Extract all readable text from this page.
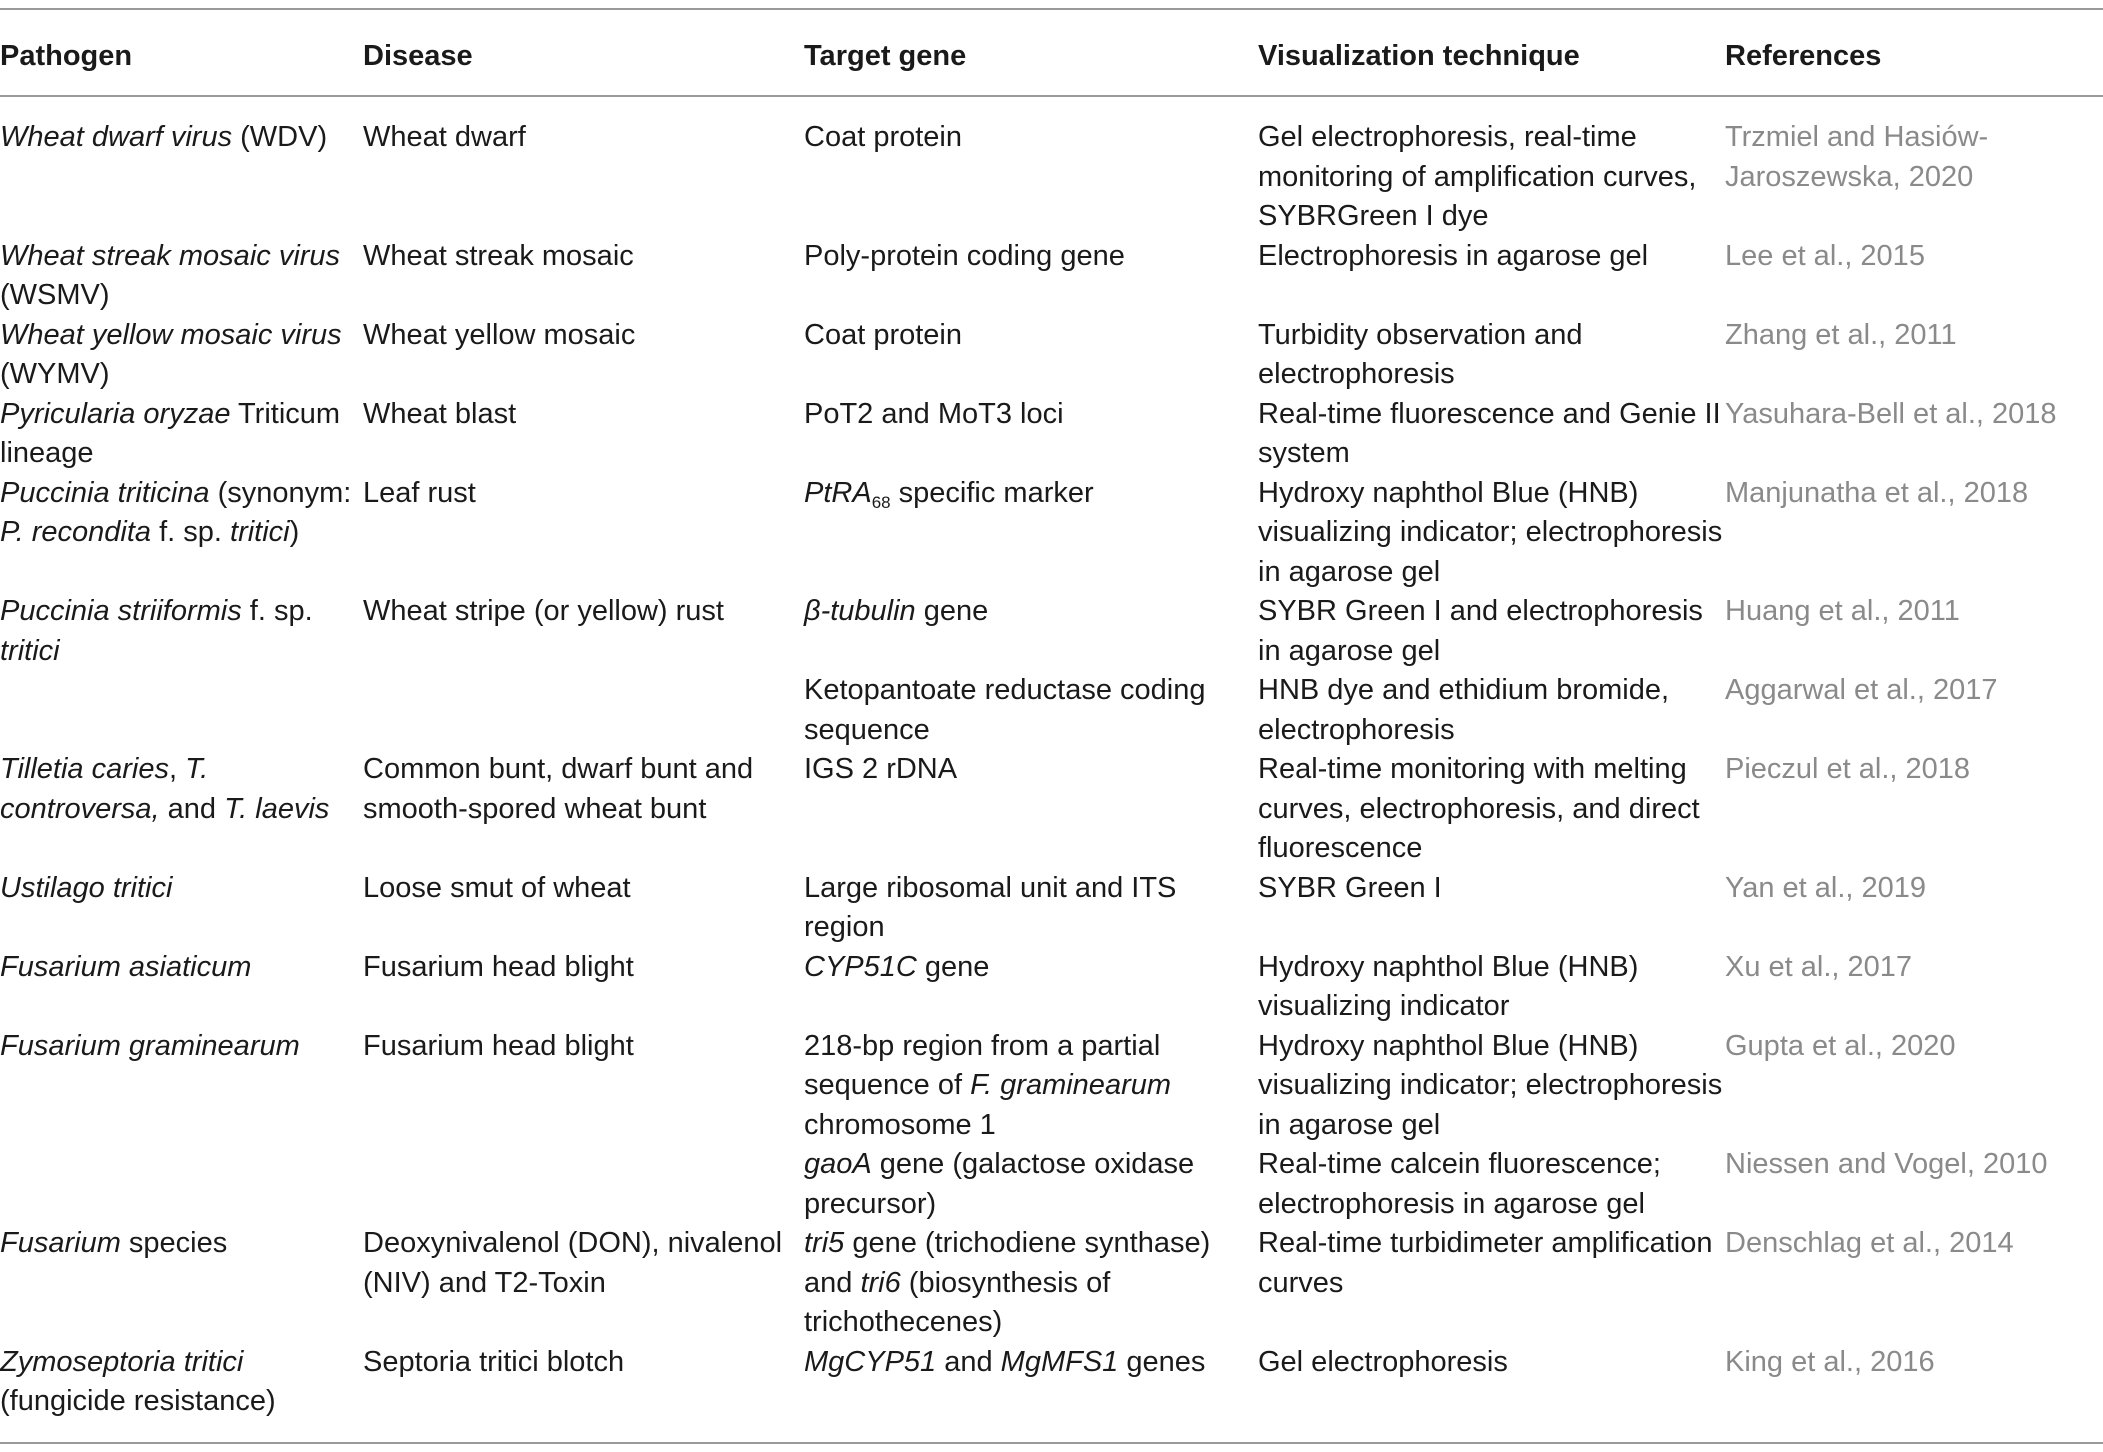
Pathogen	Disease	Target gene	Visualization technique	References
Wheat dwarf virus (WDV)	Wheat dwarf	Coat protein	Gel electrophoresis, real-time monitoring of amplification curves, SYBRGreen I dye	Trzmiel and Hasiów-Jaroszewska, 2020
Wheat streak mosaic virus (WSMV)	Wheat streak mosaic	Poly-protein coding gene	Electrophoresis in agarose gel	Lee et al., 2015
Wheat yellow mosaic virus (WYMV)	Wheat yellow mosaic	Coat protein	Turbidity observation and electrophoresis	Zhang et al., 2011
Pyricularia oryzae Triticum lineage	Wheat blast	PoT2 and MoT3 loci	Real-time fluorescence and Genie II system	Yasuhara-Bell et al., 2018
Puccinia triticina (synonym: P. recondita f. sp. tritici)	Leaf rust	PtRA$_{68}$ specific marker	Hydroxy naphthol Blue (HNB) visualizing indicator; electrophoresis in agarose gel	Manjunatha et al., 2018
Puccinia striiformis f. sp. tritici	Wheat stripe (or yellow) rust	β-tubulin gene	SYBR Green I and electrophoresis in agarose gel	Huang et al., 2011
		Ketopantoate reductase coding sequence	HNB dye and ethidium bromide, electrophoresis	Aggarwal et al., 2017
Tilletia caries, T. controversa, and T. laevis	Common bunt, dwarf bunt and smooth-spored wheat bunt	IGS 2 rDNA	Real-time monitoring with melting curves, electrophoresis, and direct fluorescence	Pieczul et al., 2018
Ustilago tritici	Loose smut of wheat	Large ribosomal unit and ITS region	SYBR Green I	Yan et al., 2019
Fusarium asiaticum	Fusarium head blight	CYP51C gene	Hydroxy naphthol Blue (HNB) visualizing indicator	Xu et al., 2017
Fusarium graminearum	Fusarium head blight	218-bp region from a partial sequence of F. graminearum chromosome 1	Hydroxy naphthol Blue (HNB) visualizing indicator; electrophoresis in agarose gel	Gupta et al., 2020
		gaoA gene (galactose oxidase precursor)	Real-time calcein fluorescence; electrophoresis in agarose gel	Niessen and Vogel, 2010
Fusarium species	Deoxynivalenol (DON), nivalenol (NIV) and T2-Toxin	tri5 gene (trichodiene synthase) and tri6 (biosynthesis of trichothecenes)	Real-time turbidimeter amplification curves	Denschlag et al., 2014
Zymoseptoria tritici (fungicide resistance)	Septoria tritici blotch	MgCYP51 and MgMFS1 genes	Gel electrophoresis	King et al., 2016
